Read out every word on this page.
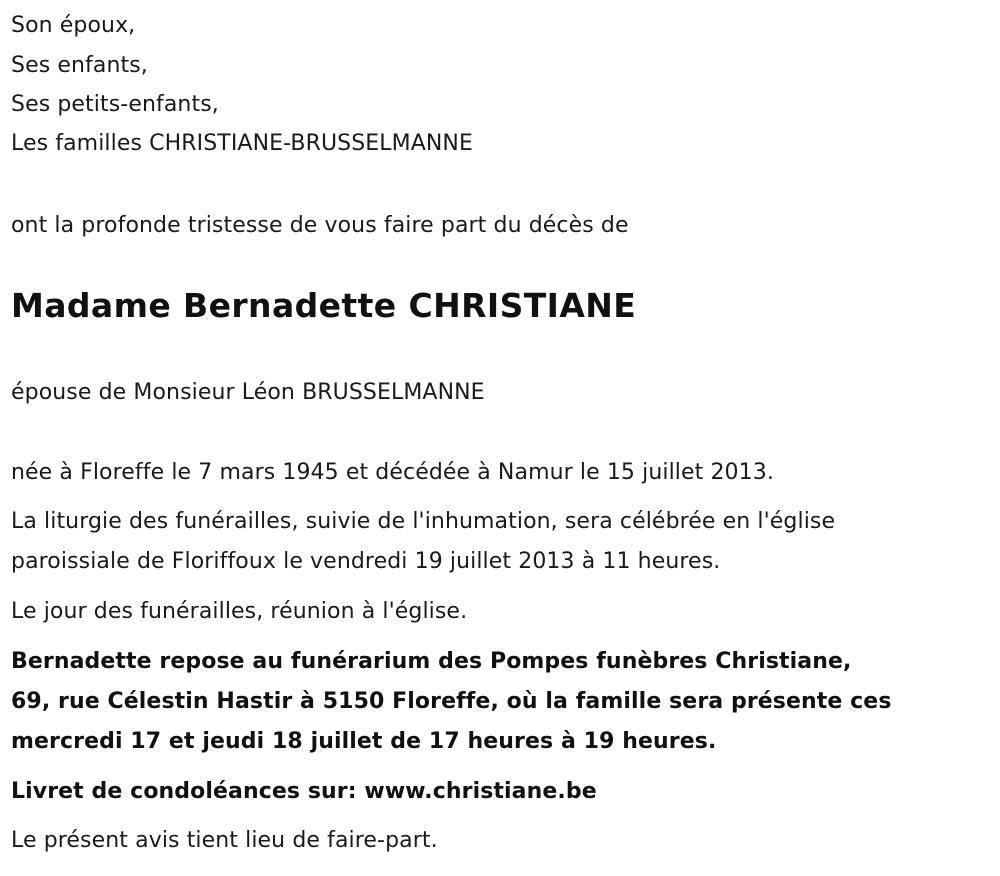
Son époux,

Ses enfants,

Ses petits-enfants,

Les familles CHRISTIANE-BRUSSELMANNE

ont la profonde tristesse de vous faire part du décès de

Madame Bernadette CHRISTIANE

épouse de Monsieur Léon BRUSSELMANNE

née à Floreffe le 7 mars 1945 et décédée à Namur le 15 juillet 2013.

La liturgie des funérailles, suivie de l'inhumation, sera célébrée en l'église

paroissiale de Floriffoux le vendredi 19 juillet 2013 à 11 heures.

Le jour des funérailles, réunion à l'église.

Bernadette repose au funérarium des Pompes funèbres Christiane,

69, rue Célestin Hastir à 5150 Floreffe, où la famille sera présente ces

mercredi 17 et jeudi 18 juillet de 17 heures à 19 heures.

Livret de condoléances sur: www.christiane.be

Le présent avis tient lieu de faire-part.
